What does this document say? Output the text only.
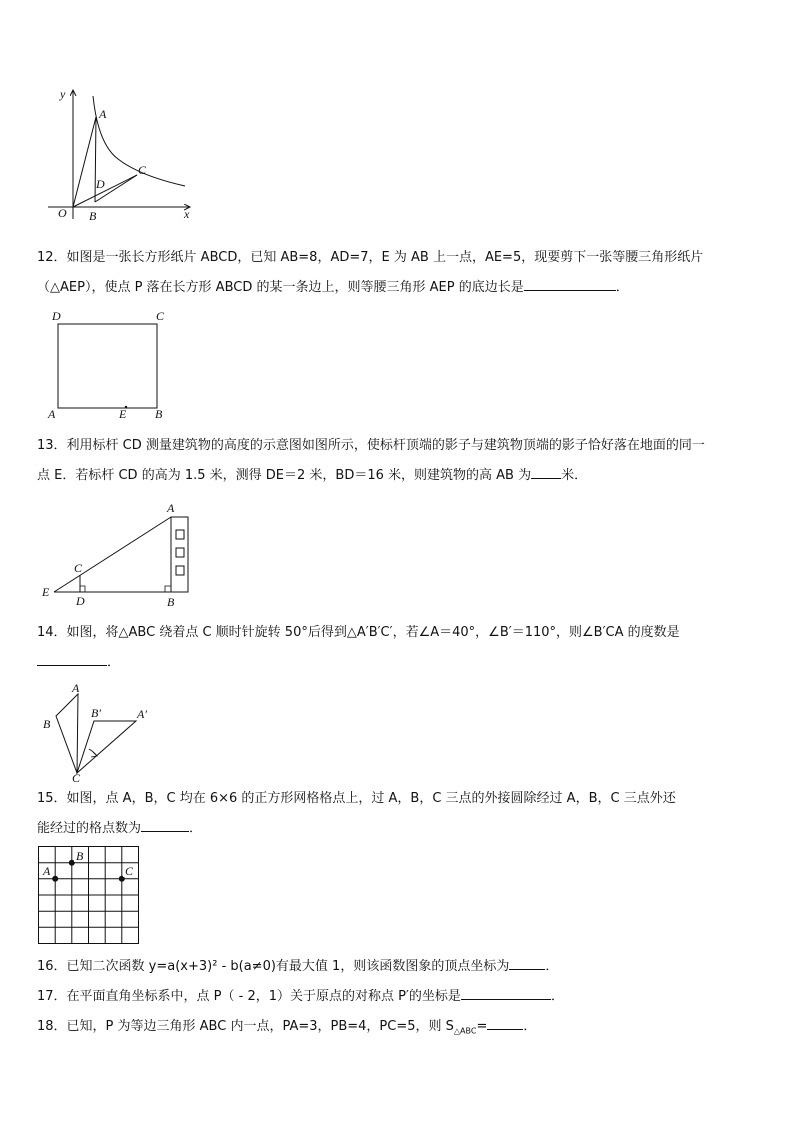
y
x
O
A
B
C
D
12．如图是一张长方形纸片 ABCD，已知 AB=8，AD=7，E 为 AB 上一点，AE=5，现要剪下一张等腰三角形纸片
（△AEP），使点 P 落在长方形 ABCD 的某一条边上，则等腰三角形 AEP 的底边长是	．
D	C
A	E B
13．利用标杆 CD 测量建筑物的高度的示意图如图所示，使标杆顶端的影子与建筑物顶端的影子恰好落在地面的同一
点 E．若标杆 CD 的高为 1.5 米，测得 DE＝2 米，BD＝16 米，则建筑物的高 AB 为 米．
A
C
E
D	B
14．如图，将△ABC 绕着点 C 顺时针旋转 50°后得到△A′B′C′，若∠A＝40°，∠B′＝110°，则∠B′CA 的度数是
．
A
B
B′	A′
C
15．如图，点 A，B，C 均在 6×6 的正方形网格格点上，过 A，B，C 三点的外接圆除经过 A，B，C 三点外还
能经过的格点数为	．
A
B
C
16．已知二次函数 y=a(x+3)² - b(a≠0)有最大值 1，则该函数图象的顶点坐标为	．
17．在平面直角坐标系中，点 P（ - 2，1）关于原点的对称点 P′的坐标是	．
18．已知，P 为等边三角形 ABC 内一点，PA=3，PB=4，PC=5，则 $S_{\triangle ABC}=$	．
